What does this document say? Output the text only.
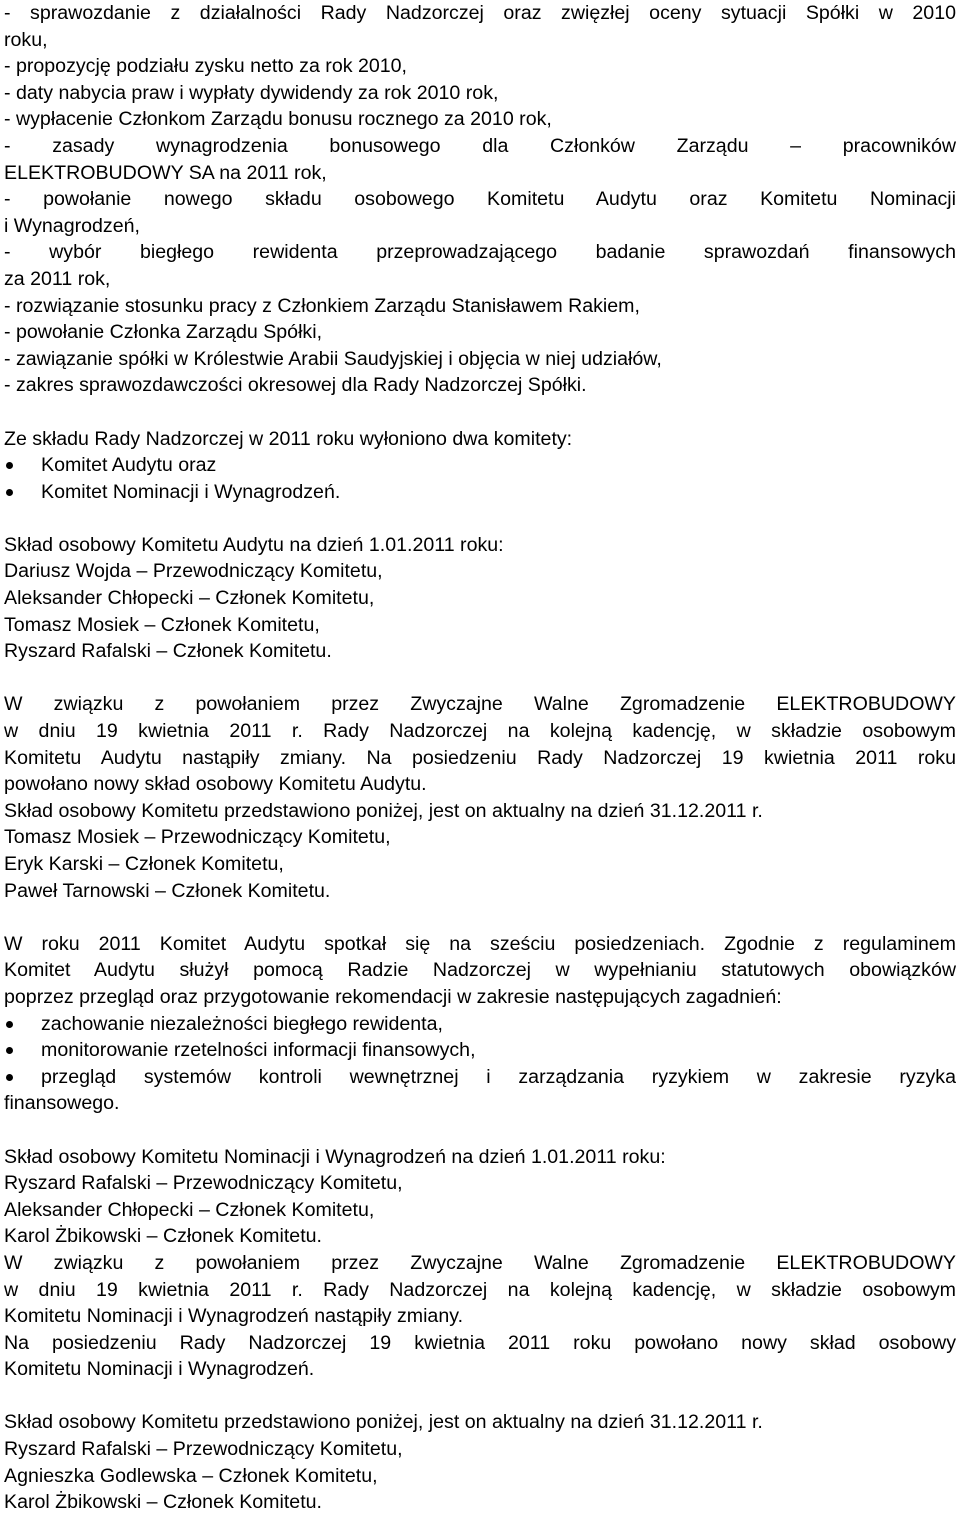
- sprawozdanie z działalności Rady Nadzorczej oraz zwięzłej oceny sytuacji Spółki w 2010
roku,
- propozycję podziału zysku netto za rok 2010,
- daty nabycia praw i wypłaty dywidendy za rok 2010 rok,
- wypłacenie Członkom Zarządu bonusu rocznego za 2010 rok,
- zasady wynagrodzenia bonusowego dla Członków Zarządu – pracowników
ELEKTROBUDOWY SA na 2011 rok,
- powołanie nowego składu osobowego Komitetu Audytu oraz Komitetu Nominacji
i Wynagrodzeń,
- wybór biegłego rewidenta przeprowadzającego badanie sprawozdań finansowych
za 2011 rok,
- rozwiązanie stosunku pracy z Członkiem Zarządu Stanisławem Rakiem,
- powołanie Członka Zarządu Spółki,
- zawiązanie spółki w Królestwie Arabii Saudyjskiej i objęcia w niej udziałów,
- zakres sprawozdawczości okresowej dla Rady Nadzorczej Spółki.
Ze składu Rady Nadzorczej w 2011 roku wyłoniono dwa komitety:
Komitet Audytu oraz
Komitet Nominacji i Wynagrodzeń.
Skład osobowy Komitetu Audytu na dzień 1.01.2011 roku:
Dariusz Wojda – Przewodniczący Komitetu,
Aleksander Chłopecki – Członek Komitetu,
Tomasz Mosiek – Członek Komitetu,
Ryszard Rafalski – Członek Komitetu.
W związku z powołaniem przez Zwyczajne Walne Zgromadzenie ELEKTROBUDOWY
w dniu 19 kwietnia 2011 r. Rady Nadzorczej na kolejną kadencję, w składzie osobowym
Komitetu Audytu nastąpiły zmiany. Na posiedzeniu Rady Nadzorczej 19 kwietnia 2011 roku
powołano nowy skład osobowy Komitetu Audytu.
Skład osobowy Komitetu przedstawiono poniżej, jest on aktualny na dzień 31.12.2011 r.
Tomasz Mosiek – Przewodniczący Komitetu,
Eryk Karski – Członek Komitetu,
Paweł Tarnowski – Członek Komitetu.
W roku 2011 Komitet Audytu spotkał się na sześciu posiedzeniach. Zgodnie z regulaminem
Komitet Audytu służył pomocą Radzie Nadzorczej w wypełnianiu statutowych obowiązków
poprzez przegląd oraz przygotowanie rekomendacji w zakresie następujących zagadnień:
zachowanie niezależności biegłego rewidenta,
monitorowanie rzetelności informacji finansowych,
przegląd systemów kontroli wewnętrznej i zarządzania ryzykiem w zakresie ryzyka
finansowego.
Skład osobowy Komitetu Nominacji i Wynagrodzeń na dzień 1.01.2011 roku:
Ryszard Rafalski – Przewodniczący Komitetu,
Aleksander Chłopecki – Członek Komitetu,
Karol Żbikowski – Członek Komitetu.
W związku z powołaniem przez Zwyczajne Walne Zgromadzenie ELEKTROBUDOWY
w dniu 19 kwietnia 2011 r. Rady Nadzorczej na kolejną kadencję, w składzie osobowym
Komitetu Nominacji i Wynagrodzeń nastąpiły zmiany.
Na posiedzeniu Rady Nadzorczej 19 kwietnia 2011 roku powołano nowy skład osobowy
Komitetu Nominacji i Wynagrodzeń.
Skład osobowy Komitetu przedstawiono poniżej, jest on aktualny na dzień 31.12.2011 r.
Ryszard Rafalski – Przewodniczący Komitetu,
Agnieszka Godlewska – Członek Komitetu,
Karol Żbikowski – Członek Komitetu.
